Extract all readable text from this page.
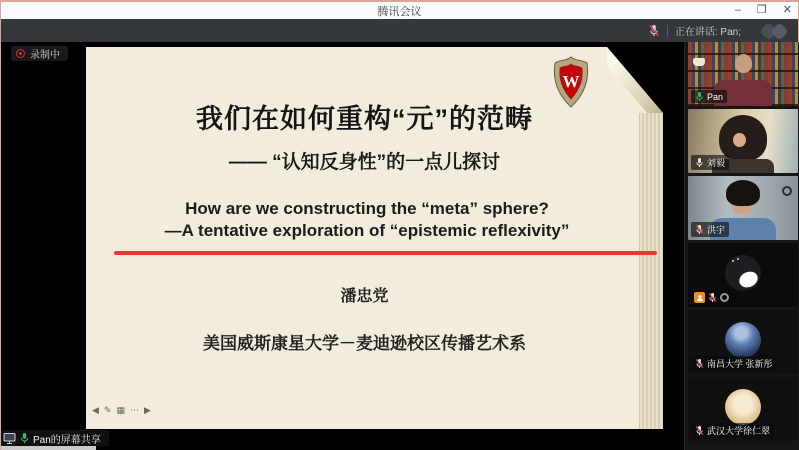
腾讯会议	– ❐ ✕
正在讲话: Pan;
录制中
W
我们在如何重构“元”的范畴
—— “认知反身性”的一点儿探讨
How are we constructing the “meta” sphere?
—A tentative exploration of “epistemic reflexivity”
潘忠党
美国威斯康星大学－麦迪逊校区传播艺术系
◀ ✎ ▦ ⋯ ▶
Pan的屏幕共享
Pan
刘毅
洪宇
南昌大学 张新彤
武汉大学徐仁翠
